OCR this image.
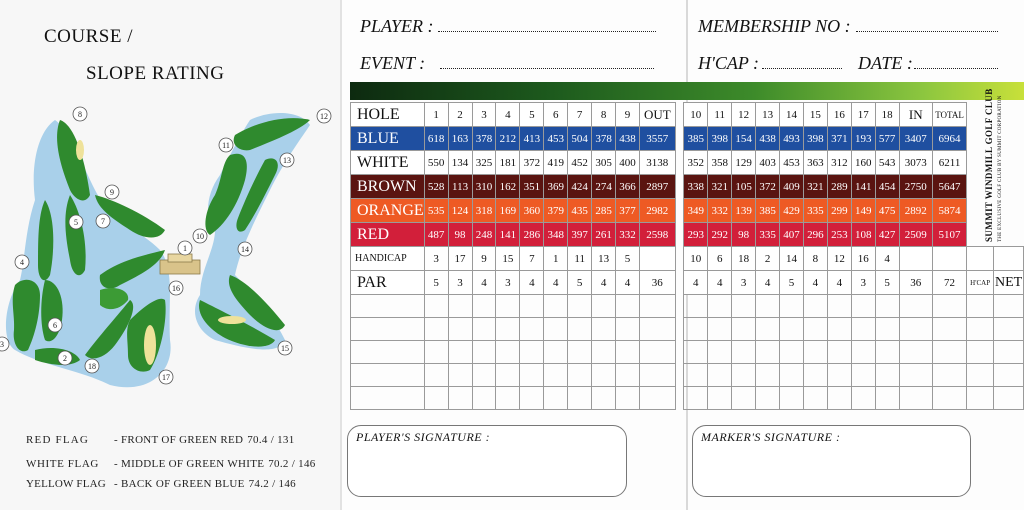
COURSE /
SLOPE RATING
1
2
3
4
5
6
7
8
9
10
11
12
13
14
15
16
17
18
RED FLAG - FRONT OF GREEN RED 70.4 / 131
WHITE FLAG - MIDDLE OF GREEN WHITE 70.2 / 146
YELLOW FLAG - BACK OF GREEN BLUE 74.2 / 146
PLAYER :
EVENT :
MEMBERSHIP NO :
H'CAP :	DATE :
HOLE	1	2	3	4	5	6	7	8	9	OUT		10	11	12	13	14	15	16	17	18	IN	TOTAL		
BLUE	618	163	378	212	413	453	504	378	438	3557		385	398	154	438	493	398	371	193	577	3407	6964		
WHITE	550	134	325	181	372	419	452	305	400	3138		352	358	129	403	453	363	312	160	543	3073	6211		
BROWN	528	113	310	162	351	369	424	274	366	2897		338	321	105	372	409	321	289	141	454	2750	5647		
ORANGE	535	124	318	169	360	379	435	285	377	2982		349	332	139	385	429	335	299	149	475	2892	5874		
RED	487	98	248	141	286	348	397	261	332	2598		293	292	98	335	407	296	253	108	427	2509	5107		
HANDICAP	3	17	9	15	7	1	11	13	5			10	6	18	2	14	8	12	16	4				
PAR	5	3	4	3	4	4	5	4	4	36		4	4	3	4	5	4	4	3	5	36	72	H'CAP	NET

SUMMIT WINDMILL GOLF CLUB THE EXCLUSIVE GOLF CLUB BY SUMMIT CORPORATION
PLAYER'S SIGNATURE :	MARKER'S SIGNATURE :
